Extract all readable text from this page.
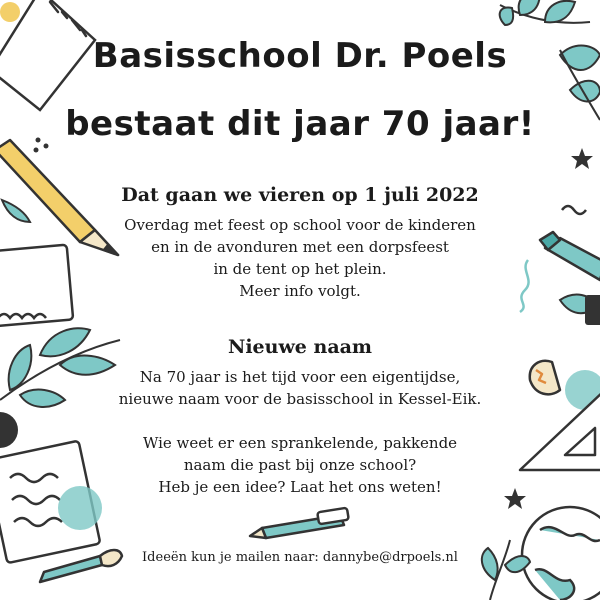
Basisschool Dr. Poels
bestaat dit jaar 70 jaar!

Dat gaan we vieren op 1 juli 2022

Overdag met feest op school voor de kinderen

en in de avonduren met een dorpsfeest

in de tent op het plein.

Meer info volgt.

Nieuwe naam

Na 70 jaar is het tijd voor een eigentijdse,

nieuwe naam voor de basisschool in Kessel-Eik.

Wie weet er een sprankelende, pakkende

naam die past bij onze school?

Heb je een idee? Laat het ons weten!

Ideeën kun je mailen naar: dannybe@drpoels.nl
